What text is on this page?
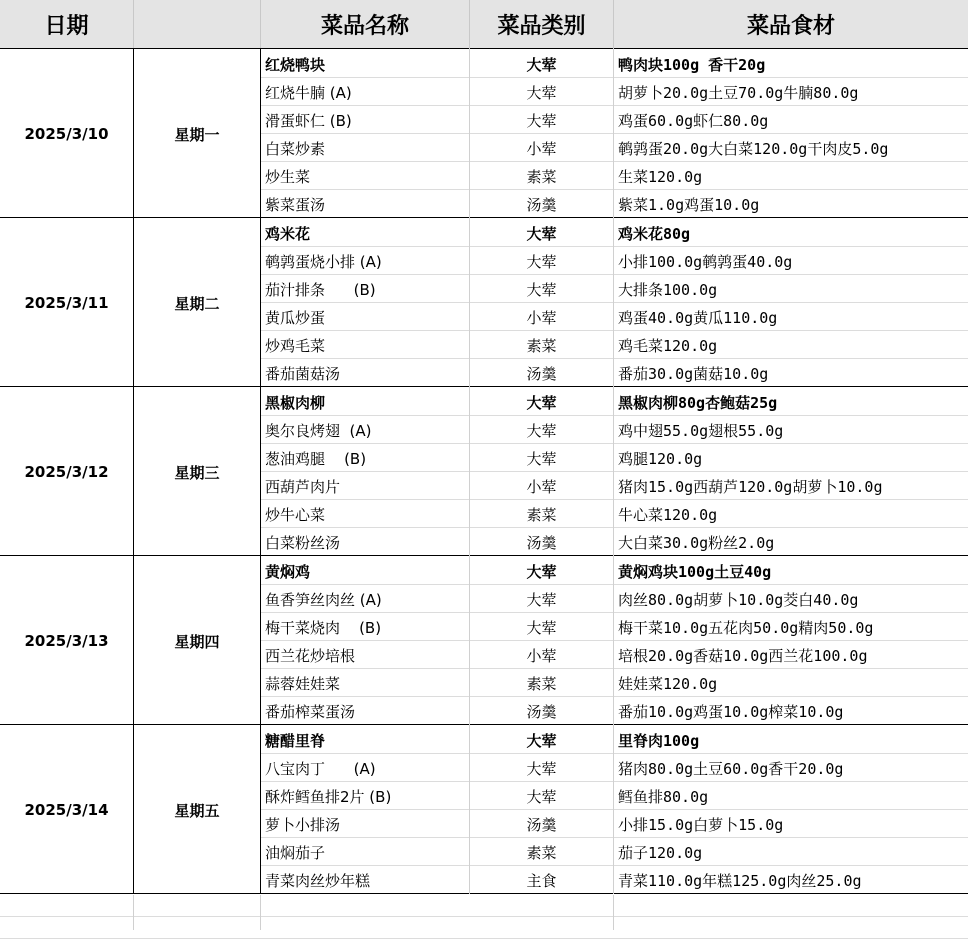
日期	菜品名称	菜品类别	菜品食材
2025/3/10	星期一
红烧鸭块	大荤	鸭肉块100g 香干20g
红烧牛腩 (A)	大荤	胡萝卜20.0g土豆70.0g牛腩80.0g
滑蛋虾仁 (B)	大荤	鸡蛋60.0g虾仁80.0g
白菜炒素	小荤	鹌鹑蛋20.0g大白菜120.0g干肉皮5.0g
炒生菜	素菜	生菜120.0g
紫菜蛋汤	汤羹	紫菜1.0g鸡蛋10.0g
2025/3/11	星期二
鸡米花	大荤	鸡米花80g
鹌鹑蛋烧小排 (A)	大荤	小排100.0g鹌鹑蛋40.0g
茄汁排条      (B)	大荤	大排条100.0g
黄瓜炒蛋	小荤	鸡蛋40.0g黄瓜110.0g
炒鸡毛菜	素菜	鸡毛菜120.0g
番茄菌菇汤	汤羹	番茄30.0g菌菇10.0g
2025/3/12	星期三
黑椒肉柳	大荤	黑椒肉柳80g杏鲍菇25g
奥尔良烤翅  (A)	大荤	鸡中翅55.0g翅根55.0g
葱油鸡腿    (B)	大荤	鸡腿120.0g
西葫芦肉片	小荤	猪肉15.0g西葫芦120.0g胡萝卜10.0g
炒牛心菜	素菜	牛心菜120.0g
白菜粉丝汤	汤羹	大白菜30.0g粉丝2.0g
2025/3/13	星期四
黄焖鸡	大荤	黄焖鸡块100g土豆40g
鱼香笋丝肉丝 (A)	大荤	肉丝80.0g胡萝卜10.0g茭白40.0g
梅干菜烧肉    (B)	大荤	梅干菜10.0g五花肉50.0g精肉50.0g
西兰花炒培根	小荤	培根20.0g香菇10.0g西兰花100.0g
蒜蓉娃娃菜	素菜	娃娃菜120.0g
番茄榨菜蛋汤	汤羹	番茄10.0g鸡蛋10.0g榨菜10.0g
2025/3/14	星期五
糖醋里脊	大荤	里脊肉100g
八宝肉丁      (A)	大荤	猪肉80.0g土豆60.0g香干20.0g
酥炸鳕鱼排2片 (B)	大荤	鳕鱼排80.0g
萝卜小排汤	汤羹	小排15.0g白萝卜15.0g
油焖茄子	素菜	茄子120.0g
青菜肉丝炒年糕	主食	青菜110.0g年糕125.0g肉丝25.0g
